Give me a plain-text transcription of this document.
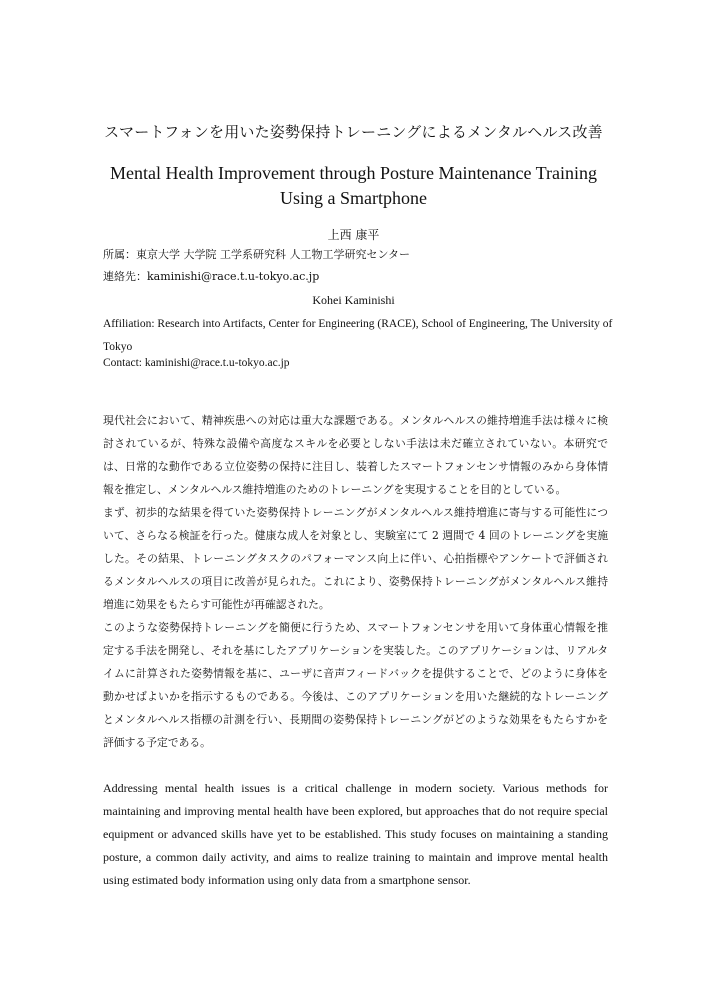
スマートフォンを用いた姿勢保持トレーニングによるメンタルヘルス改善
Mental Health Improvement through Posture Maintenance Training Using a Smartphone
上西 康平
所属：東京大学 大学院 工学系研究科 人工物工学研究センター
連絡先：kaminishi@race.t.u-tokyo.ac.jp
Kohei Kaminishi
Affiliation: Research into Artifacts, Center for Engineering (RACE), School of Engineering, The University of Tokyo
Contact: kaminishi@race.t.u-tokyo.ac.jp

現代社会において、精神疾患への対応は重大な課題である。メンタルヘルスの維持増進手法は様々に検討されているが、特殊な設備や高度なスキルを必要としない手法は未だ確立されていない。本研究では、日常的な動作である立位姿勢の保持に注目し、装着したスマートフォンセンサ情報のみから身体情報を推定し、メンタルヘルス維持増進のためのトレーニングを実現することを目的としている。

まず、初歩的な結果を得ていた姿勢保持トレーニングがメンタルヘルス維持増進に寄与する可能性について、さらなる検証を行った。健康な成人を対象とし、実験室にて 2 週間で 4 回のトレーニングを実施した。その結果、トレーニングタスクのパフォーマンス向上に伴い、心拍指標やアンケートで評価されるメンタルヘルスの項目に改善が見られた。これにより、姿勢保持トレーニングがメンタルヘルス維持増進に効果をもたらす可能性が再確認された。

このような姿勢保持トレーニングを簡便に行うため、スマートフォンセンサを用いて身体重心情報を推定する手法を開発し、それを基にしたアプリケーションを実装した。このアプリケーションは、リアルタイムに計算された姿勢情報を基に、ユーザに音声フィードバックを提供することで、どのように身体を動かせばよいかを指示するものである。今後は、このアプリケーションを用いた継続的なトレーニングとメンタルヘルス指標の計測を行い、長期間の姿勢保持トレーニングがどのような効果をもたらすかを評価する予定である。

Addressing mental health issues is a critical challenge in modern society. Various methods for maintaining and improving mental health have been explored, but approaches that do not require special equipment or advanced skills have yet to be established. This study focuses on maintaining a standing posture, a common daily activity, and aims to realize training to maintain and improve mental health using estimated body information using only data from a smartphone sensor.
